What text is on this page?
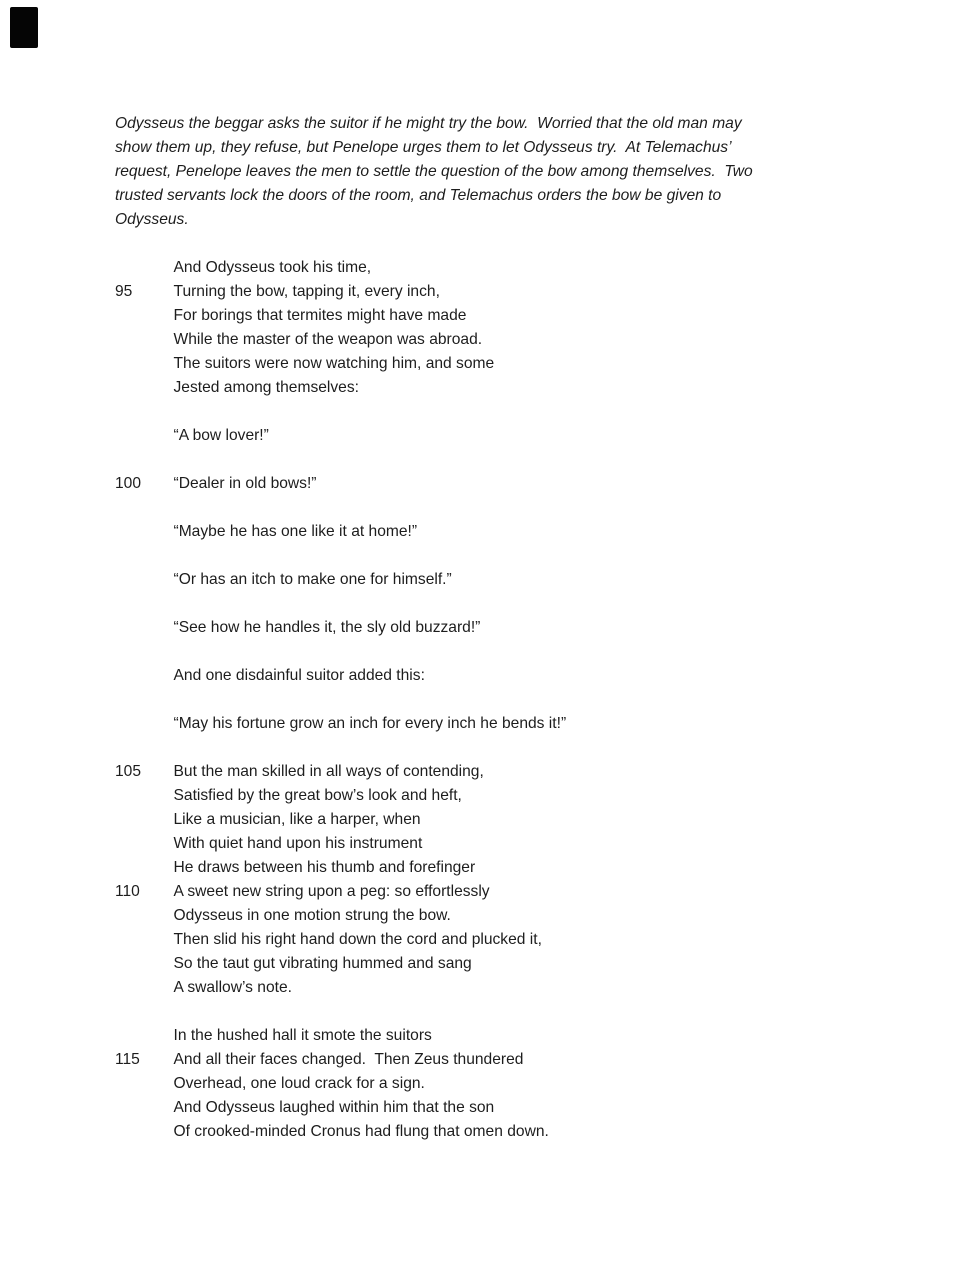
Odysseus the beggar asks the suitor if he might try the bow.  Worried that the old man may
show them up, they refuse, but Penelope urges them to let Odysseus try.  At Telemachus’
request, Penelope leaves the men to settle the question of the bow among themselves.  Two
trusted servants lock the doors of the room, and Telemachus orders the bow be given to
Odysseus.
And Odysseus took his time,
95	Turning the bow, tapping it, every inch,
For borings that termites might have made
While the master of the weapon was abroad.
The suitors were now watching him, and some
Jested among themselves:
“A bow lover!”
100	“Dealer in old bows!”
“Maybe he has one like it at home!”
“Or has an itch to make one for himself.”
“See how he handles it, the sly old buzzard!”
And one disdainful suitor added this:
“May his fortune grow an inch for every inch he bends it!”
105	But the man skilled in all ways of contending,
Satisfied by the great bow’s look and heft,
Like a musician, like a harper, when
With quiet hand upon his instrument
He draws between his thumb and forefinger
110	A sweet new string upon a peg: so effortlessly
Odysseus in one motion strung the bow.
Then slid his right hand down the cord and plucked it,
So the taut gut vibrating hummed and sang
A swallow’s note.
In the hushed hall it smote the suitors
115	And all their faces changed.  Then Zeus thundered
Overhead, one loud crack for a sign.
And Odysseus laughed within him that the son
Of crooked-minded Cronus had flung that omen down.
